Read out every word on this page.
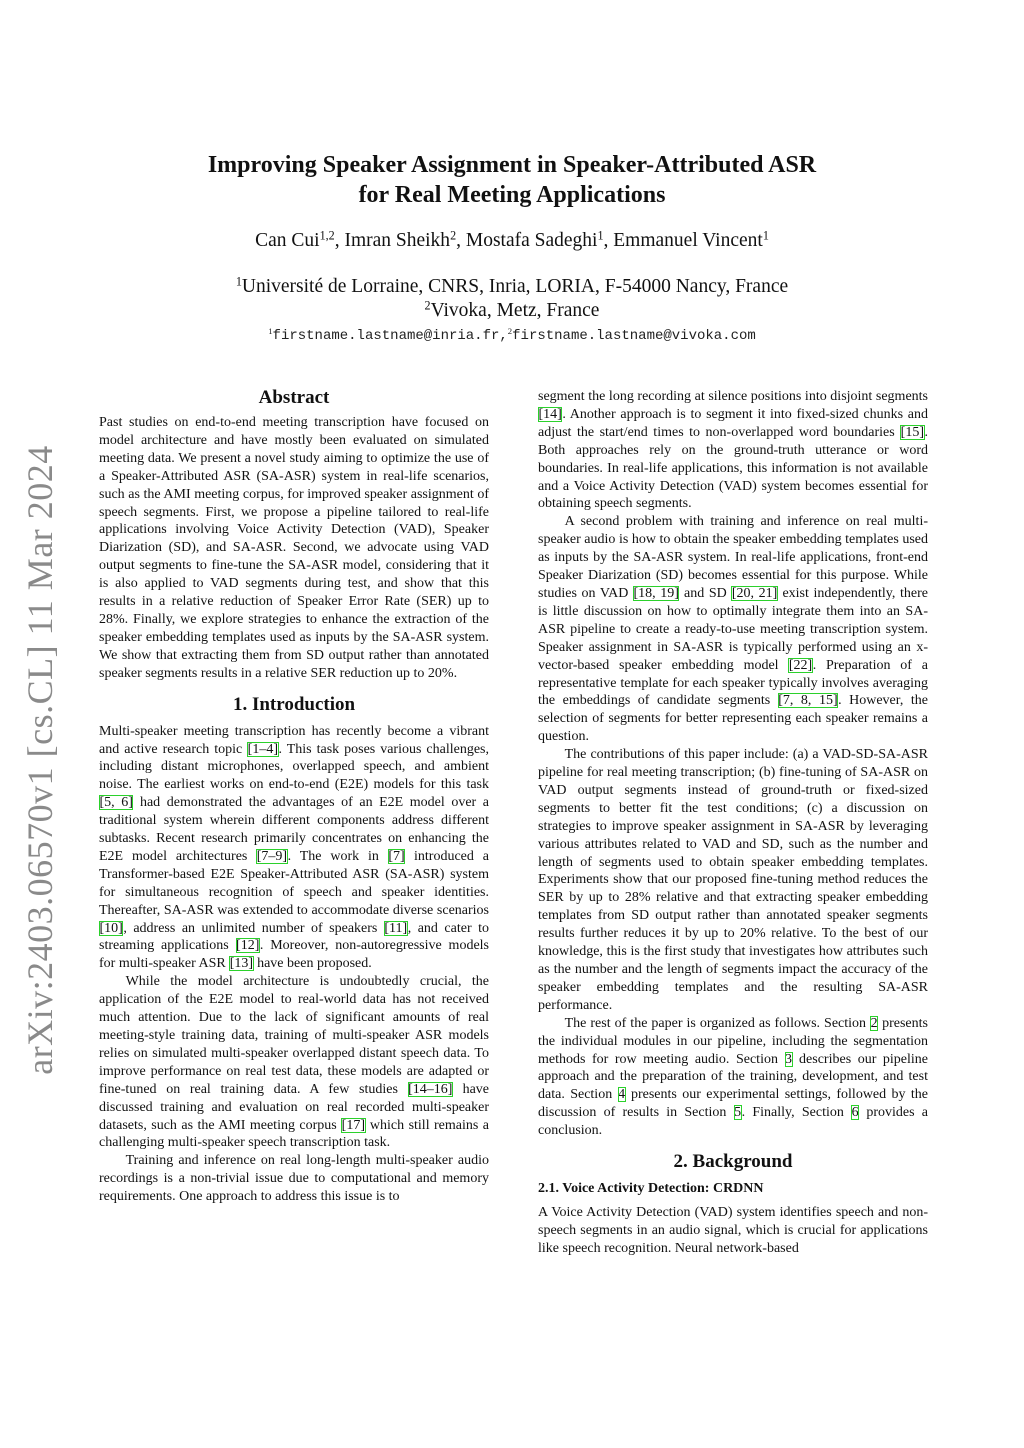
arXiv:2403.06570v1 [cs.CL] 11 Mar 2024
Improving Speaker Assignment in Speaker-Attributed ASR
for Real Meeting Applications
Can Cui$^{1,2}$, Imran Sheikh$^2$, Mostafa Sadeghi$^1$, Emmanuel Vincent$^1$
$^1$Université de Lorraine, CNRS, Inria, LORIA, F-54000 Nancy, France
$^2$Vivoka, Metz, France
$^1$firstname.lastname@inria.fr,$^2$firstname.lastname@vivoka.com
Abstract

Past studies on end-to-end meeting transcription have focused on model architecture and have mostly been evaluated on simulated meeting data. We present a novel study aiming to optimize the use of a Speaker-Attributed ASR (SA-ASR) system in real-life scenarios, such as the AMI meeting corpus, for improved speaker assignment of speech segments. First, we propose a pipeline tailored to real-life applications involving Voice Activity Detection (VAD), Speaker Diarization (SD), and SA-ASR. Second, we advocate using VAD output segments to fine-tune the SA-ASR model, considering that it is also applied to VAD segments during test, and show that this results in a relative reduction of Speaker Error Rate (SER) up to 28%. Finally, we explore strategies to enhance the extraction of the speaker embedding templates used as inputs by the SA-ASR system. We show that extracting them from SD output rather than annotated speaker segments results in a relative SER reduction up to 20%.

1. Introduction

Multi-speaker meeting transcription has recently become a vibrant and active research topic [1–4]. This task poses various challenges, including distant microphones, overlapped speech, and ambient noise. The earliest works on end-to-end (E2E) models for this task [5, 6] had demonstrated the advantages of an E2E model over a traditional system wherein different components address different subtasks. Recent research primarily concentrates on enhancing the E2E model architectures [7–9]. The work in [7] introduced a Transformer-based E2E Speaker-Attributed ASR (SA-ASR) system for simultaneous recognition of speech and speaker identities. Thereafter, SA-ASR was extended to accommodate diverse scenarios [10], address an unlimited number of speakers [11], and cater to streaming applications [12]. Moreover, non-autoregressive models for multi-speaker ASR [13] have been proposed.

While the model architecture is undoubtedly crucial, the application of the E2E model to real-world data has not received much attention. Due to the lack of significant amounts of real meeting-style training data, training of multi-speaker ASR models relies on simulated multi-speaker overlapped distant speech data. To improve performance on real test data, these models are adapted or fine-tuned on real training data. A few studies [14–16] have discussed training and evaluation on real recorded multi-speaker datasets, such as the AMI meeting corpus [17] which still remains a challenging multi-speaker speech transcription task.

Training and inference on real long-length multi-speaker audio recordings is a non-trivial issue due to computational and memory requirements. One approach to address this issue is to

segment the long recording at silence positions into disjoint segments [14]. Another approach is to segment it into fixed-sized chunks and adjust the start/end times to non-overlapped word boundaries [15]. Both approaches rely on the ground-truth utterance or word boundaries. In real-life applications, this information is not available and a Voice Activity Detection (VAD) system becomes essential for obtaining speech segments.

A second problem with training and inference on real multi-speaker audio is how to obtain the speaker embedding templates used as inputs by the SA-ASR system. In real-life applications, front-end Speaker Diarization (SD) becomes essential for this purpose. While studies on VAD [18, 19] and SD [20, 21] exist independently, there is little discussion on how to optimally integrate them into an SA-ASR pipeline to create a ready-to-use meeting transcription system. Speaker assignment in SA-ASR is typically performed using an x-vector-based speaker embedding model [22]. Preparation of a representative template for each speaker typically involves averaging the embeddings of candidate segments [7, 8, 15]. However, the selection of segments for better representing each speaker remains a question.

The contributions of this paper include: (a) a VAD-SD-SA-ASR pipeline for real meeting transcription; (b) fine-tuning of SA-ASR on VAD output segments instead of ground-truth or fixed-sized segments to better fit the test conditions; (c) a discussion on strategies to improve speaker assignment in SA-ASR by leveraging various attributes related to VAD and SD, such as the number and length of segments used to obtain speaker embedding templates. Experiments show that our proposed fine-tuning method reduces the SER by up to 28% relative and that extracting speaker embedding templates from SD output rather than annotated speaker segments results further reduces it by up to 20% relative. To the best of our knowledge, this is the first study that investigates how attributes such as the number and the length of segments impact the accuracy of the speaker embedding templates and the resulting SA-ASR performance.

The rest of the paper is organized as follows. Section 2 presents the individual modules in our pipeline, including the segmentation methods for row meeting audio. Section 3 describes our pipeline approach and the preparation of the training, development, and test data. Section 4 presents our experimental settings, followed by the discussion of results in Section 5. Finally, Section 6 provides a conclusion.

2. Background
2.1. Voice Activity Detection: CRDNN

A Voice Activity Detection (VAD) system identifies speech and non-speech segments in an audio signal, which is crucial for applications like speech recognition. Neural network-based
